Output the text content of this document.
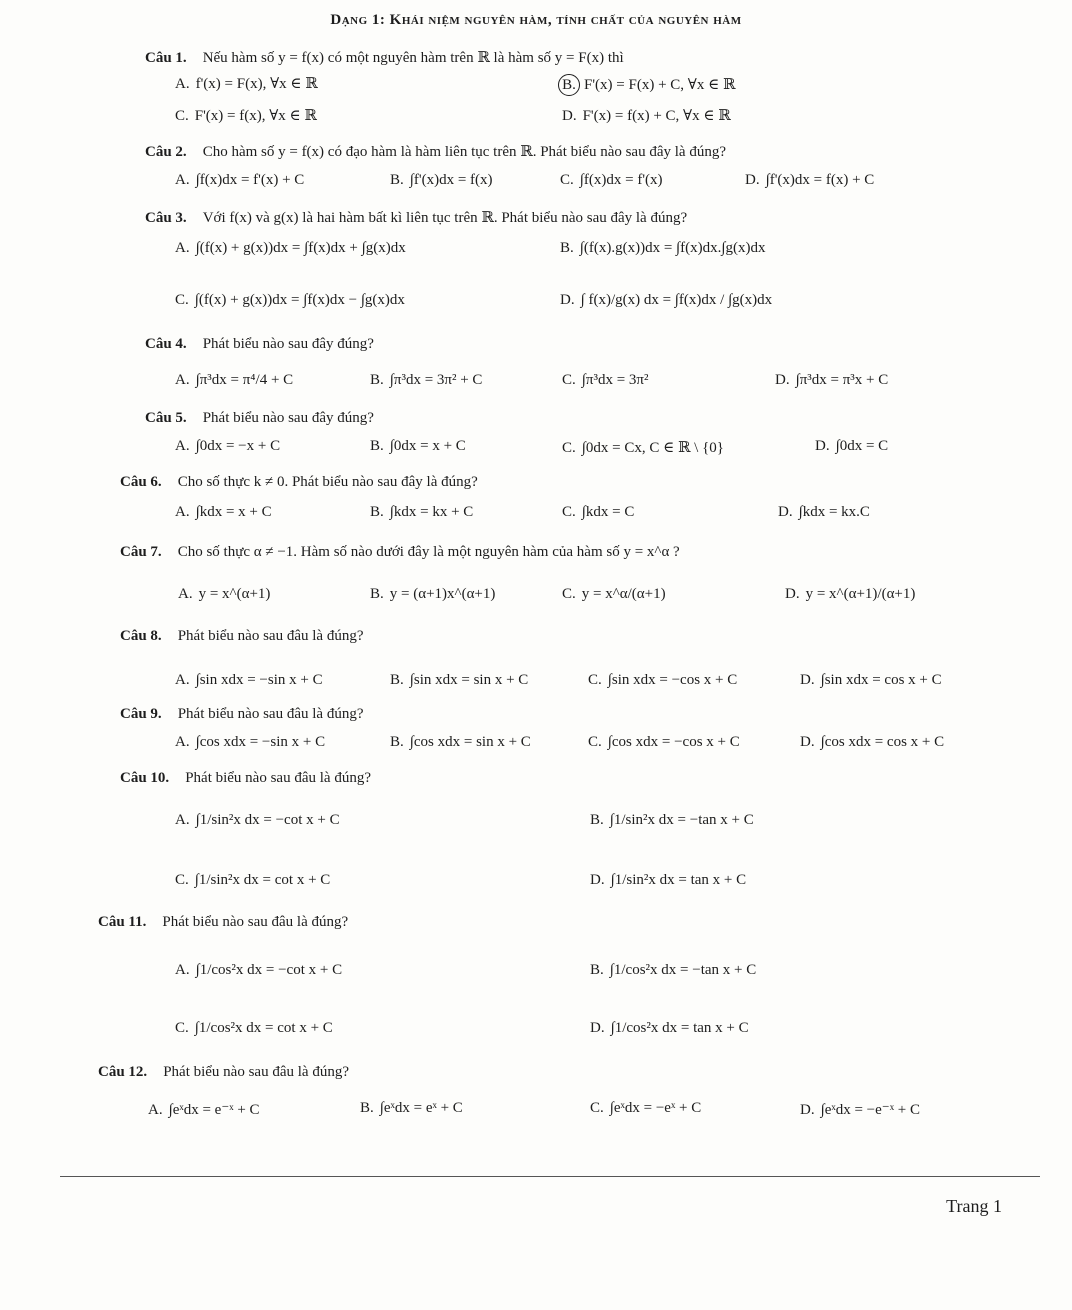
Dạng 1: Khái niệm nguyên hàm, tính chất của nguyên hàm
Câu 1. Nếu hàm số y = f(x) có một nguyên hàm trên ℝ là hàm số y = F(x) thì
A. f'(x) = F(x), ∀x ∈ ℝ	B. F'(x) = F(x) + C, ∀x ∈ ℝ
C. F'(x) = f(x), ∀x ∈ ℝ	D. F'(x) = f(x) + C, ∀x ∈ ℝ
Câu 2. Cho hàm số y = f(x) có đạo hàm là hàm liên tục trên ℝ. Phát biểu nào sau đây là đúng?
A. ∫f(x)dx = f'(x) + C	B. ∫f'(x)dx = f(x)	C. ∫f(x)dx = f'(x)	D. ∫f'(x)dx = f(x) + C
Câu 3. Với f(x) và g(x) là hai hàm bất kì liên tục trên ℝ. Phát biểu nào sau đây là đúng?
A. ∫(f(x) + g(x))dx = ∫f(x)dx + ∫g(x)dx	B. ∫(f(x).g(x))dx = ∫f(x)dx.∫g(x)dx
C. ∫(f(x) + g(x))dx = ∫f(x)dx − ∫g(x)dx	D. ∫ f(x)/g(x) dx = ∫f(x)dx / ∫g(x)dx
Câu 4. Phát biểu nào sau đây đúng?
A. ∫π³dx = π⁴/4 + C	B. ∫π³dx = 3π² + C	C. ∫π³dx = 3π²	D. ∫π³dx = π³x + C
Câu 5. Phát biểu nào sau đây đúng?
A. ∫0dx = −x + C	B. ∫0dx = x + C	C. ∫0dx = Cx, C ∈ ℝ \ {0}	D. ∫0dx = C
Câu 6. Cho số thực k ≠ 0. Phát biểu nào sau đây là đúng?
A. ∫kdx = x + C	B. ∫kdx = kx + C	C. ∫kdx = C	D. ∫kdx = kx.C
Câu 7. Cho số thực α ≠ −1. Hàm số nào dưới đây là một nguyên hàm của hàm số y = x^α ?
A. y = x^(α+1)	B. y = (α+1)x^(α+1)	C. y = x^α/(α+1)	D. y = x^(α+1)/(α+1)
Câu 8. Phát biểu nào sau đâu là đúng?
A. ∫sin xdx = −sin x + C	B. ∫sin xdx = sin x + C	C. ∫sin xdx = −cos x + C	D. ∫sin xdx = cos x + C
Câu 9. Phát biểu nào sau đâu là đúng?
A. ∫cos xdx = −sin x + C	B. ∫cos xdx = sin x + C	C. ∫cos xdx = −cos x + C	D. ∫cos xdx = cos x + C
Câu 10. Phát biểu nào sau đâu là đúng?
A. ∫1/sin²x dx = −cot x + C	B. ∫1/sin²x dx = −tan x + C
C. ∫1/sin²x dx = cot x + C	D. ∫1/sin²x dx = tan x + C
Câu 11. Phát biểu nào sau đâu là đúng?
A. ∫1/cos²x dx = −cot x + C	B. ∫1/cos²x dx = −tan x + C
C. ∫1/cos²x dx = cot x + C	D. ∫1/cos²x dx = tan x + C
Câu 12. Phát biểu nào sau đâu là đúng?
A. ∫eˣdx = e⁻ˣ + C	B. ∫eˣdx = eˣ + C	C. ∫eˣdx = −eˣ + C	D. ∫eˣdx = −e⁻ˣ + C
Trang 1
